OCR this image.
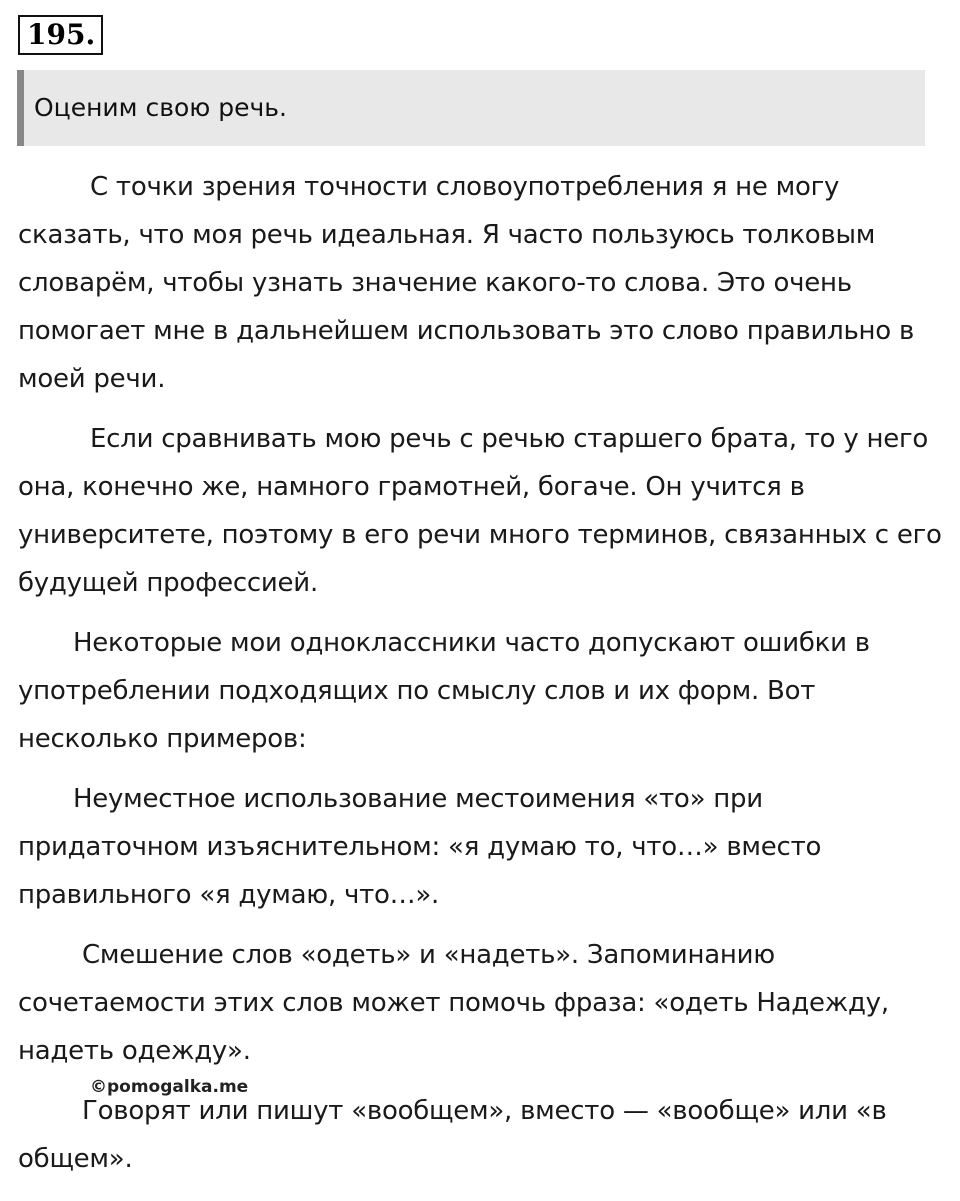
195.
Оценим свою речь.

С точки зрения точности словоупотребления я не могу сказать, что моя речь идеальная. Я часто пользуюсь толковым словарём, чтобы узнать значение какого-то слова. Это очень помогает мне в дальнейшем использовать это слово правильно в моей речи.

Если сравнивать мою речь с речью старшего брата, то у него она, конечно же, намного грамотней, богаче. Он учится в университете, поэтому в его речи много терминов, связанных с его будущей профессией.

Некоторые мои одноклассники часто допускают ошибки в употреблении подходящих по смыслу слов и их форм. Вот несколько примеров:

Неуместное использование местоимения «то» при придаточном изъяснительном: «я думаю то, что…» вместо правильного «я думаю, что…».

Смешение слов «одеть» и «надеть». Запоминанию сочетаемости этих слов может помочь фраза: «одеть Надежду, надеть одежду».

Говорят или пишут «вообщем», вместо — «вообще» или «в общем».

©pomogalka.me
